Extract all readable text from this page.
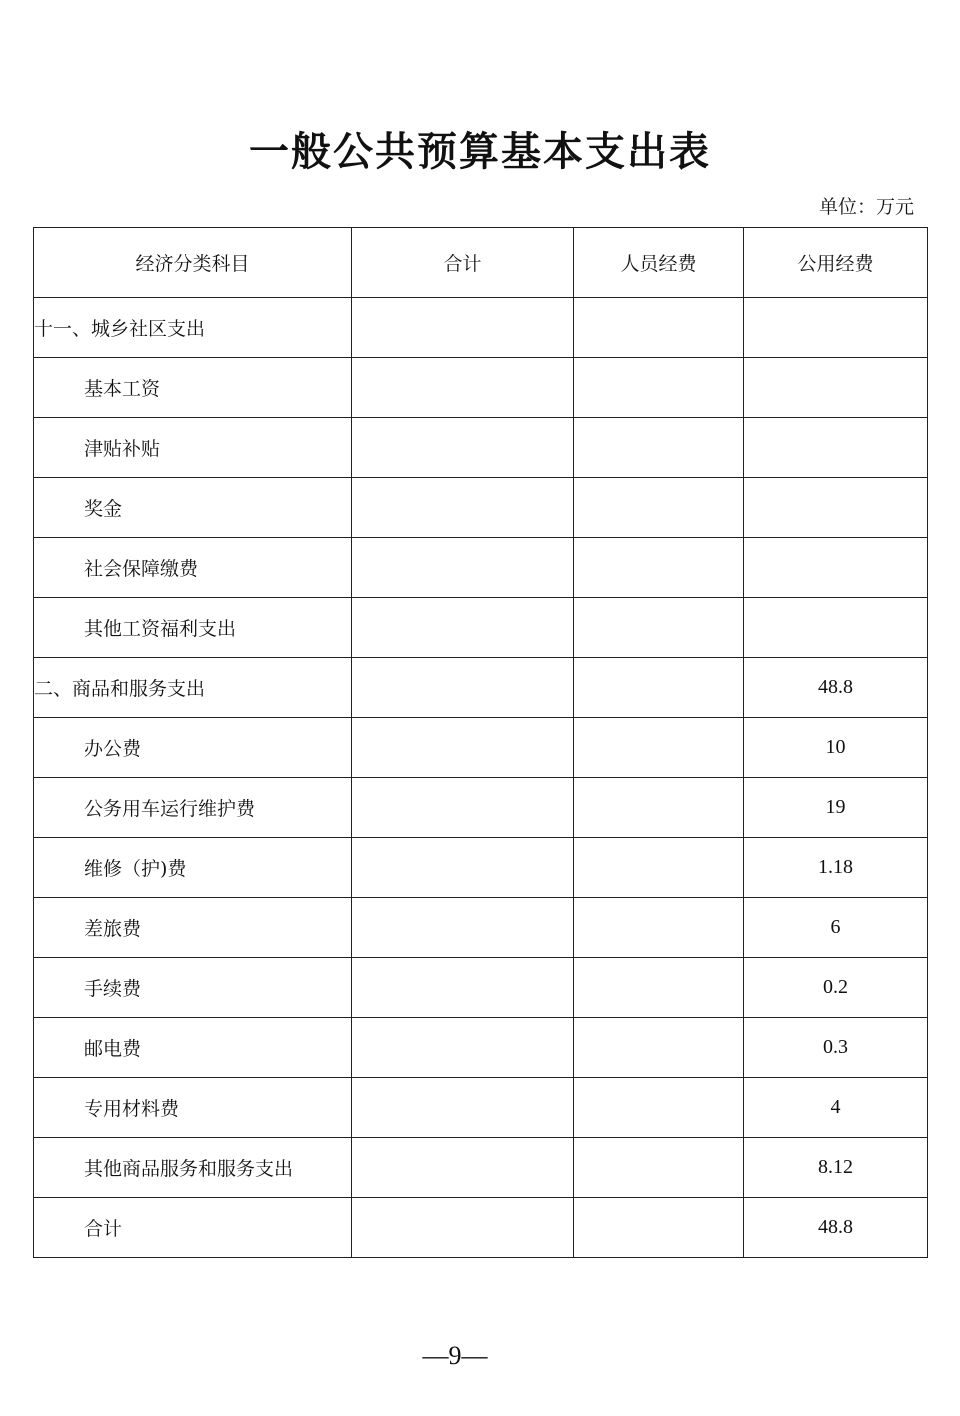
一般公共预算基本支出表
单位：万元
经济分类科目	合计	人员经费	公用经费
十一、城乡社区支出			
基本工资			
津贴补贴			
奖金			
社会保障缴费			
其他工资福利支出			
二、商品和服务支出			48.8
办公费			10
公务用车运行维护费			19
维修（护)费			1.18
差旅费			6
手续费			0.2
邮电费			0.3
专用材料费			4
其他商品服务和服务支出			8.12
合计			48.8
—9—
